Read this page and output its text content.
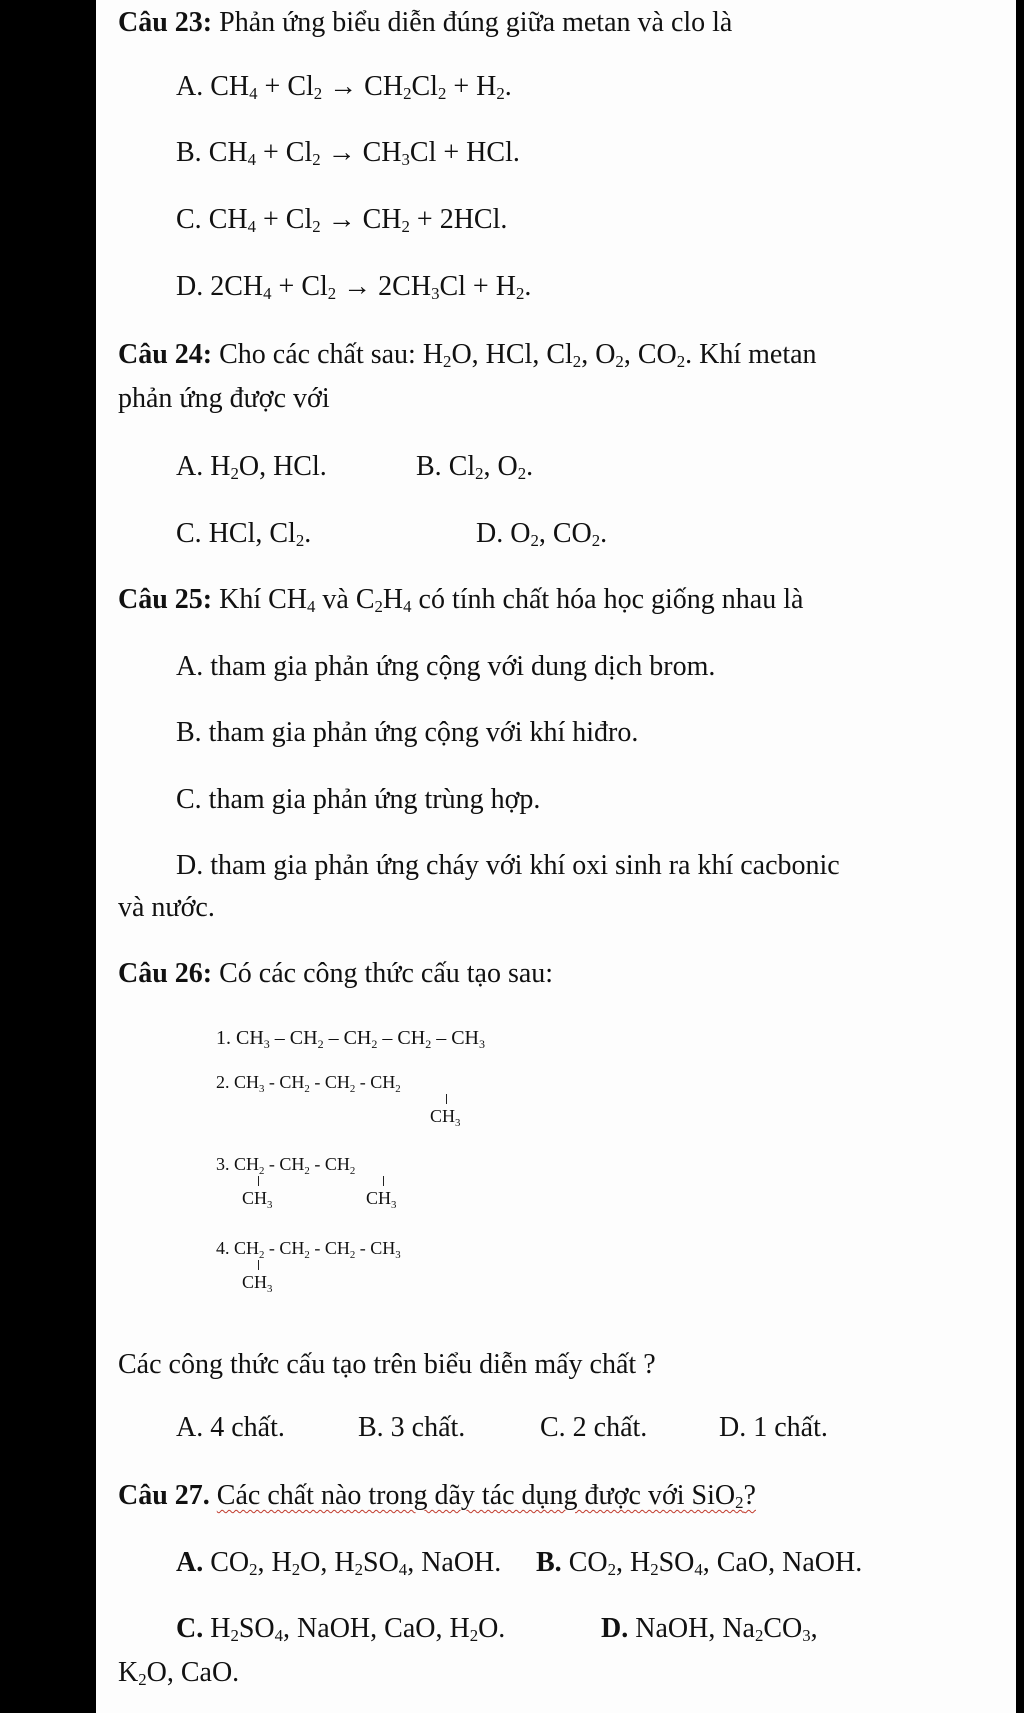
Câu 23: Phản ứng biểu diễn đúng giữa metan và clo là
A. $CH_4 + Cl_2 \to CH_2Cl_2 + H_2$.
B. $CH_4 + Cl_2 \to CH_3Cl$ + HCl.
C. $CH_4 + Cl_2 \to CH_2 + 2HCl$.
D. $2CH_4 + Cl_2 \to 2CH_3Cl + H_2$.
Câu 24: Cho các chất sau: $H_2O$, HCl, $Cl_2$, $O_2$, $CO_2$. Khí metan
phản ứng được với
A. $H_2O$, HCl.	B. $Cl_2$, $O_2$.
C. HCl, $Cl_2$.	D. $O_2$, $CO_2$.
Câu 25: Khí $CH_4$ và $C_2H_4$ có tính chất hóa học giống nhau là
A. tham gia phản ứng cộng với dung dịch brom.
B. tham gia phản ứng cộng với khí hiđro.
C. tham gia phản ứng trùng hợp.
D. tham gia phản ứng cháy với khí oxi sinh ra khí cacbonic
và nước.
Câu 26: Có các công thức cấu tạo sau:
1. $CH_3 - CH_2 - CH_2 - CH_2 - CH_3$
2. $CH_3 - CH_2 - CH_2 - CH_2$
$CH_3$
3. $CH_2 - CH_2 - CH_2$
$CH_3$	$CH_3$
4. $CH_2 - CH_2 - CH_2 - CH_3$
$CH_3$
Các công thức cấu tạo trên biểu diễn mấy chất ?
A. 4 chất.	B. 3 chất.	C. 2 chất.	D. 1 chất.
Câu 27. Các chất nào trong dãy tác dụng được với SiO$_2$?
A. $CO_2$, $H_2O$, $H_2SO_4$, NaOH. B. $CO_2$, $H_2SO_4$, CaO, NaOH.
C. $H_2SO_4$, NaOH, CaO, $H_2O$.	D. NaOH, $Na_2CO_3$,
$K_2O$, CaO.
